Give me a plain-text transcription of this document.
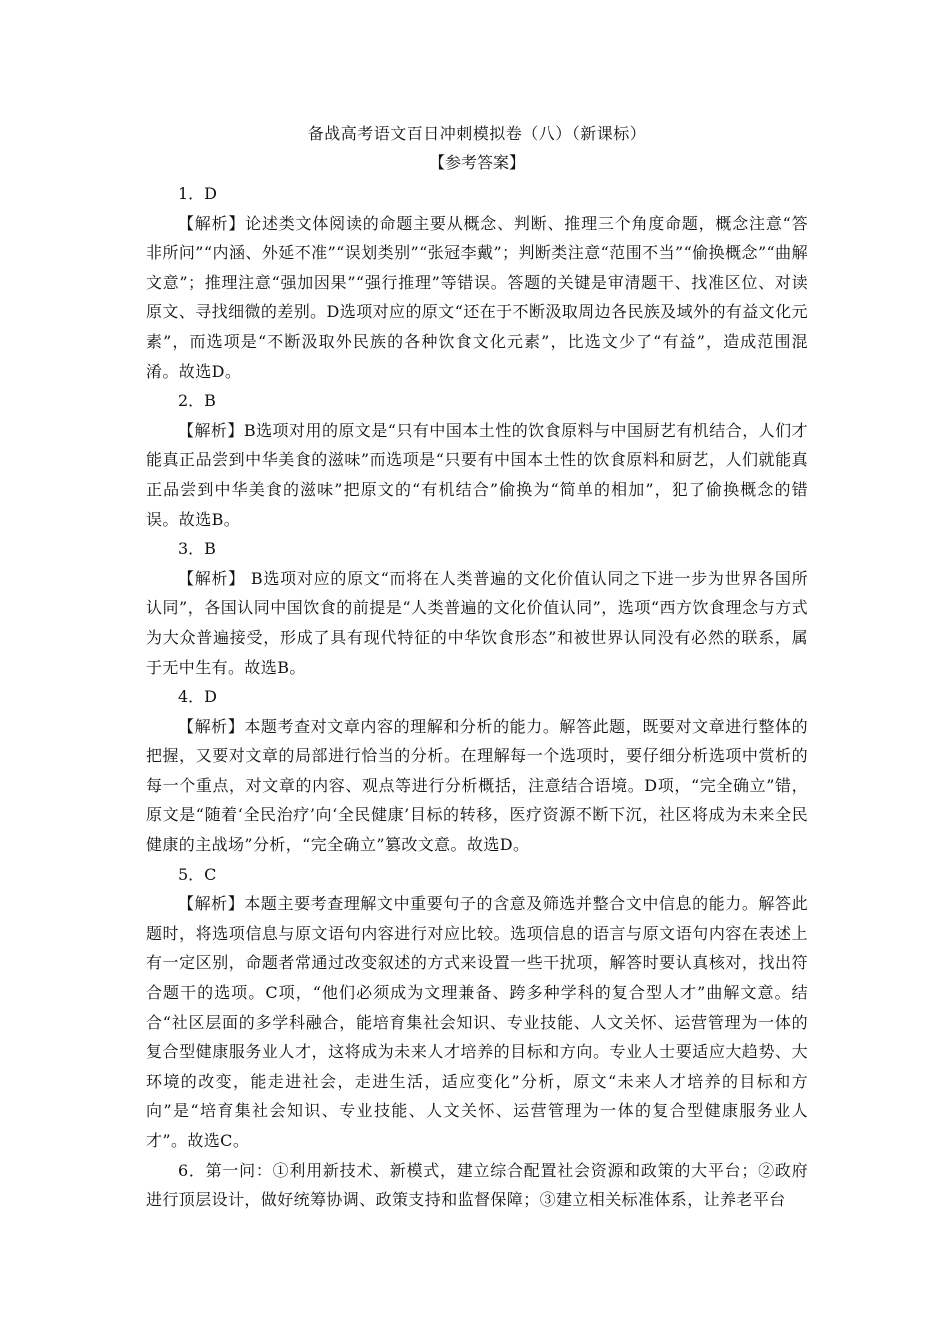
备战高考语文百日冲刺模拟卷（八）（新课标）

【参考答案】

1．D

【解析】论述类文体阅读的命题主要从概念、判断、推理三个角度命题，概念注意“答非所问”“内涵、外延不准”“误划类别”“张冠李戴”；判断类注意“范围不当”“偷换概念”“曲解文意”；推理注意“强加因果”“强行推理”等错误。答题的关键是审清题干、找准区位、对读原文、寻找细微的差别。D选项对应的原文“还在于不断汲取周边各民族及域外的有益文化元素”，而选项是“不断汲取外民族的各种饮食文化元素”，比选文少了“有益”，造成范围混淆。故选D。

2．B

【解析】B选项对用的原文是“只有中国本土性的饮食原料与中国厨艺有机结合，人们才能真正品尝到中华美食的滋味”而选项是“只要有中国本土性的饮食原料和厨艺，人们就能真正品尝到中华美食的滋味”把原文的“有机结合”偷换为“简单的相加”，犯了偷换概念的错误。故选B。

3．B

【解析】 B选项对应的原文“而将在人类普遍的文化价值认同之下进一步为世界各国所认同”，各国认同中国饮食的前提是“人类普遍的文化价值认同”，选项“西方饮食理念与方式为大众普遍接受，形成了具有现代特征的中华饮食形态”和被世界认同没有必然的联系，属于无中生有。故选B。

4．D

【解析】本题考查对文章内容的理解和分析的能力。解答此题，既要对文章进行整体的把握，又要对文章的局部进行恰当的分析。在理解每一个选项时，要仔细分析选项中赏析的每一个重点，对文章的内容、观点等进行分析概括，注意结合语境。D项，“完全确立”错，原文是“随着‘全民治疗’向‘全民健康’目标的转移，医疗资源不断下沉，社区将成为未来全民健康的主战场”分析，“完全确立”篡改文意。故选D。

5．C

【解析】本题主要考查理解文中重要句子的含意及筛选并整合文中信息的能力。解答此题时，将选项信息与原文语句内容进行对应比较。选项信息的语言与原文语句内容在表述上有一定区别，命题者常通过改变叙述的方式来设置一些干扰项，解答时要认真核对，找出符合题干的选项。C项，“他们必须成为文理兼备、跨多种学科的复合型人才”曲解文意。结合“社区层面的多学科融合，能培育集社会知识、专业技能、人文关怀、运营管理为一体的复合型健康服务业人才，这将成为未来人才培养的目标和方向。专业人士要适应大趋势、大环境的改变，能走进社会，走进生活，适应变化”分析，原文“未来人才培养的目标和方向”是“培育集社会知识、专业技能、人文关怀、运营管理为一体的复合型健康服务业人才”。故选C。

6．第一问：①利用新技术、新模式，建立综合配置社会资源和政策的大平台；②政府进行顶层设计，做好统筹协调、政策支持和监督保障；③建立相关标准体系，让养老平台
